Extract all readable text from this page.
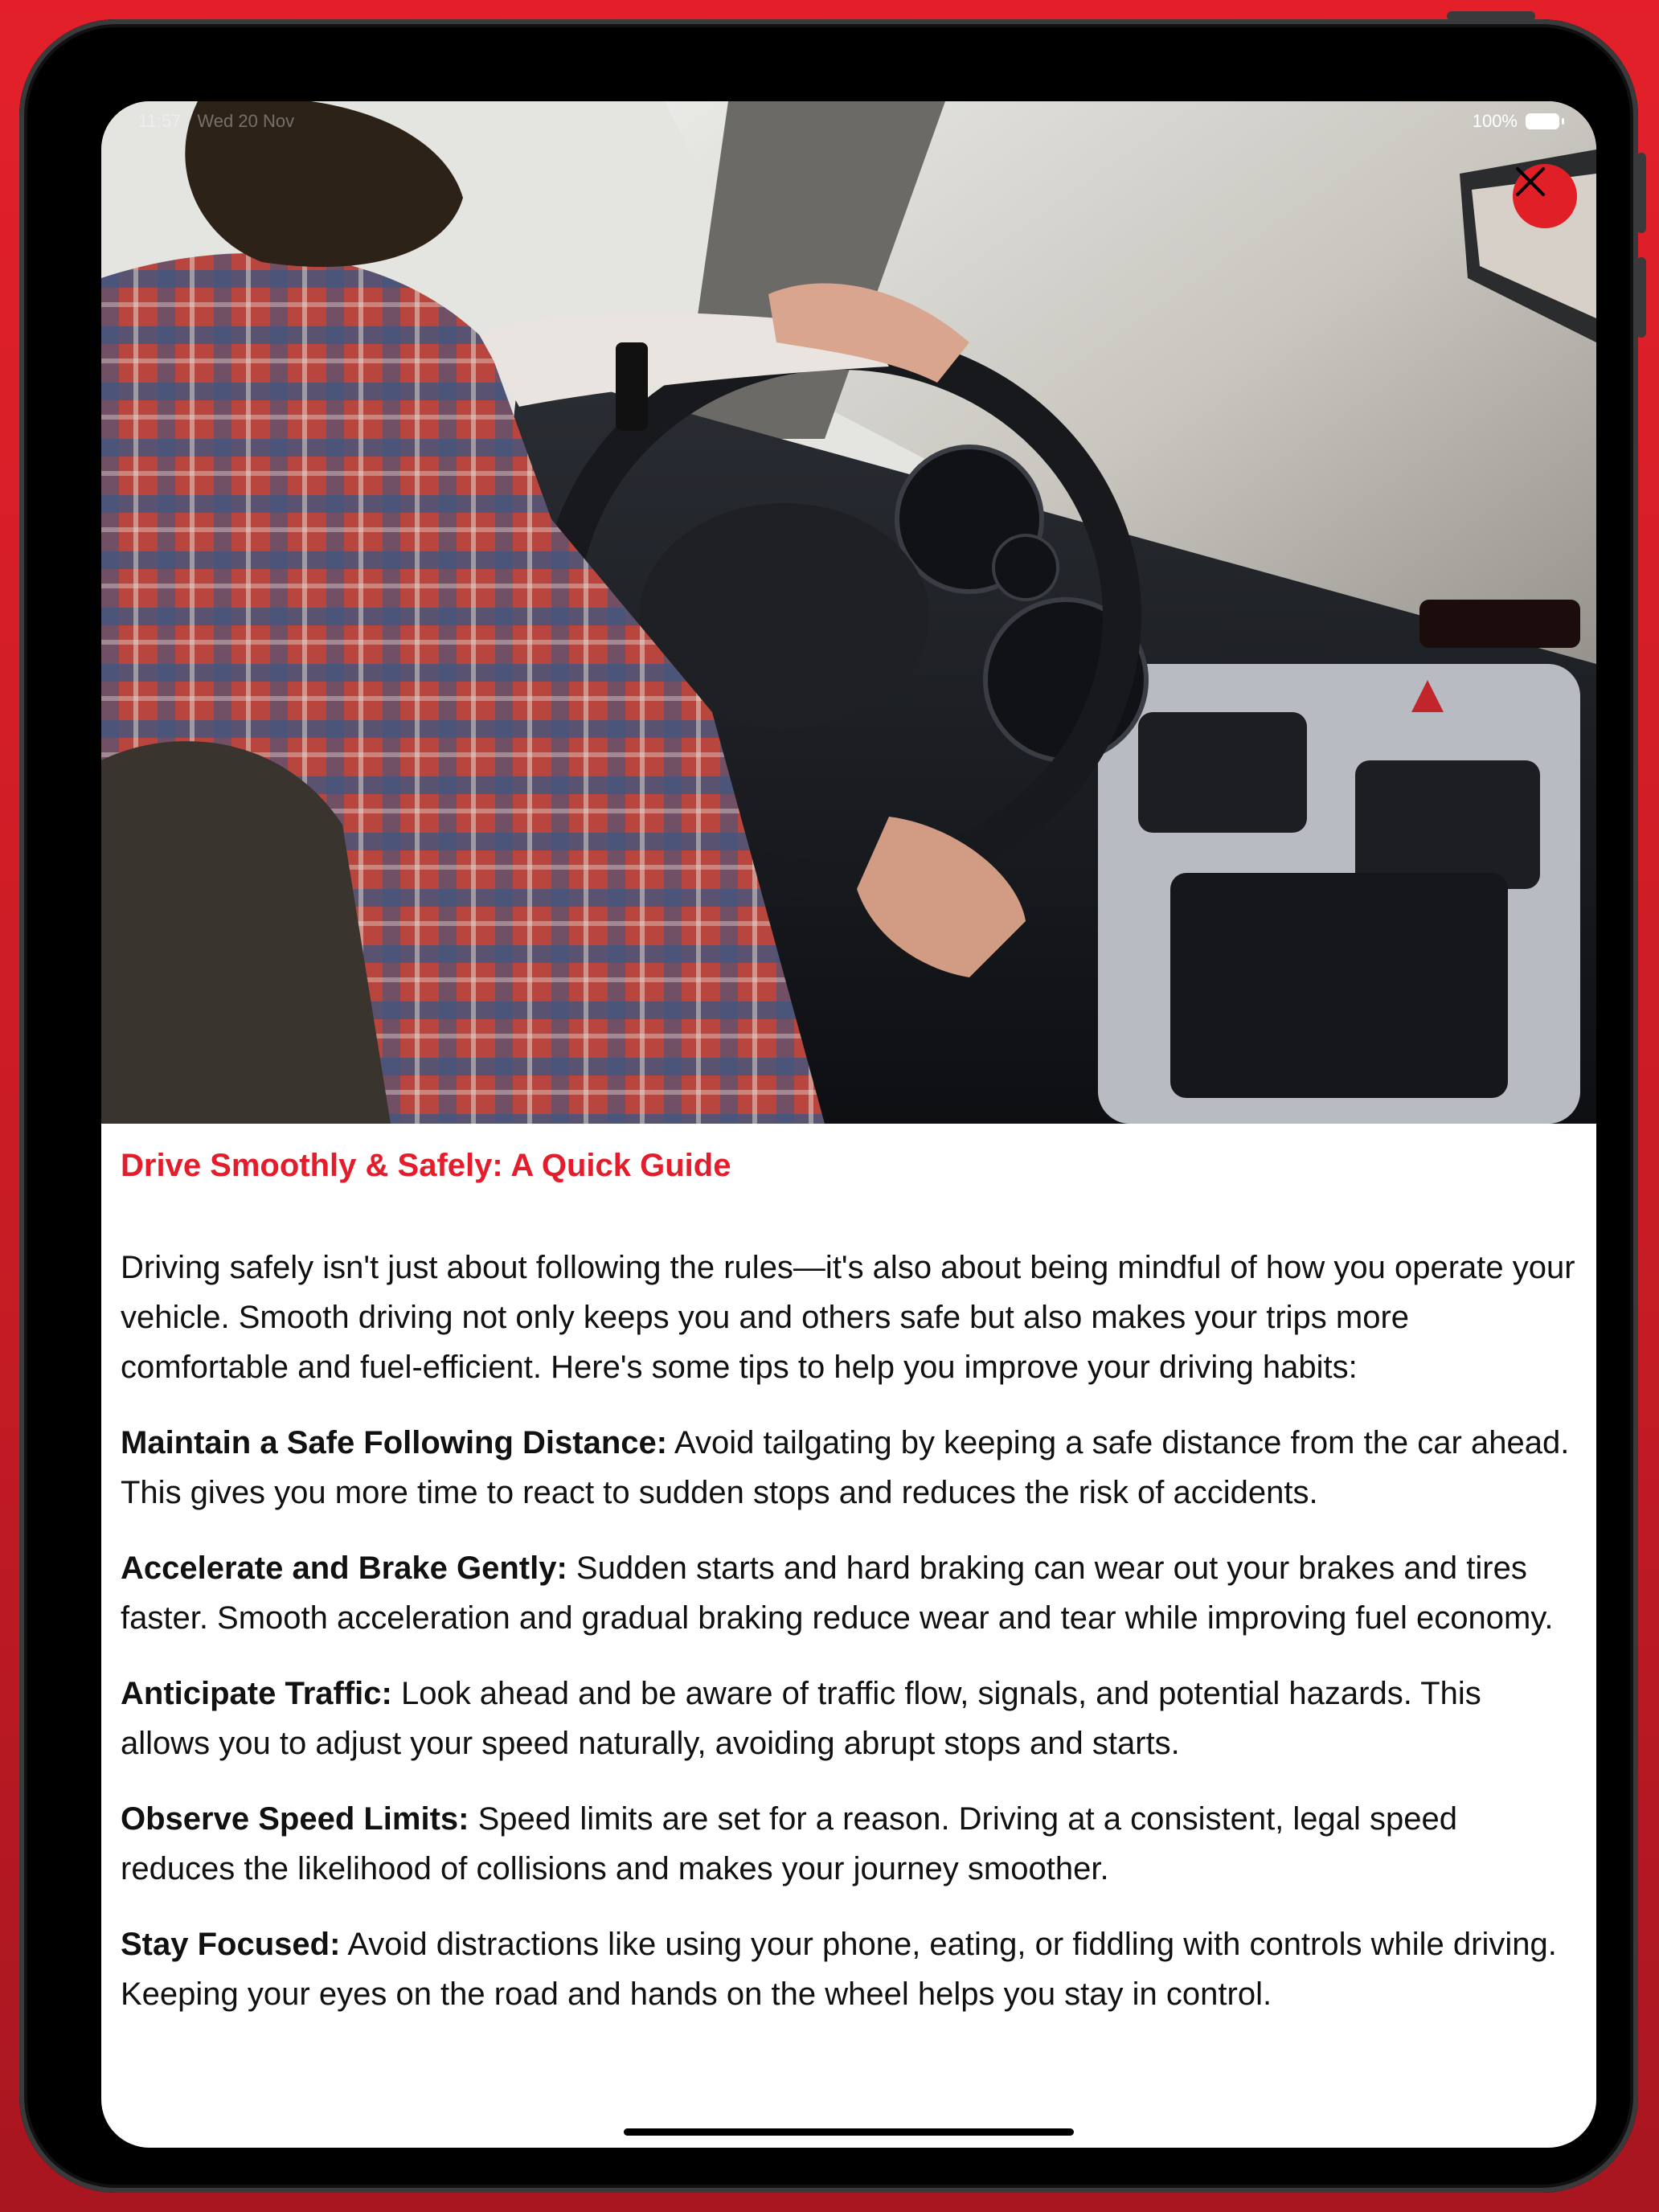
11:57 Wed 20 Nov	100%
Drive Smoothly & Safely: A Quick Guide

Driving safely isn't just about following the rules—it's also about being mindful of how you operate your vehicle. Smooth driving not only keeps you and others safe but also makes your trips more comfortable and fuel-efficient. Here's some tips to help you improve your driving habits:

Maintain a Safe Following Distance: Avoid tailgating by keeping a safe distance from the car ahead. This gives you more time to react to sudden stops and reduces the risk of accidents.

Accelerate and Brake Gently: Sudden starts and hard braking can wear out your brakes and tires faster. Smooth acceleration and gradual braking reduce wear and tear while improving fuel economy.

Anticipate Traffic: Look ahead and be aware of traffic flow, signals, and potential hazards. This allows you to adjust your speed naturally, avoiding abrupt stops and starts.

Observe Speed Limits: Speed limits are set for a reason. Driving at a consistent, legal speed reduces the likelihood of collisions and makes your journey smoother.

Stay Focused: Avoid distractions like using your phone, eating, or fiddling with controls while driving. Keeping your eyes on the road and hands on the wheel helps you stay in control.
